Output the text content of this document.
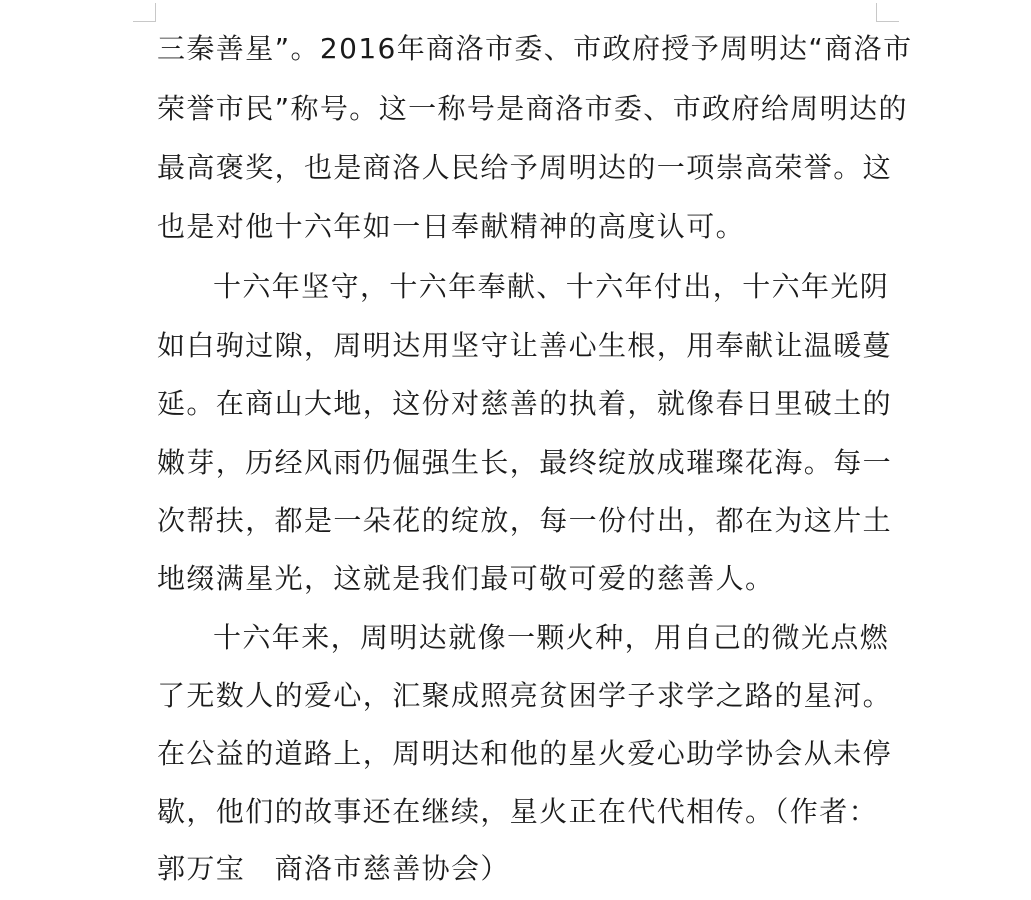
三秦善星”。2016年商洛市委、市政府授予周明达“商洛市
荣誉市民”称号。这一称号是商洛市委、市政府给周明达的
最高褒奖，也是商洛人民给予周明达的一项崇高荣誉。这
也是对他十六年如一日奉献精神的高度认可。
十六年坚守，十六年奉献、十六年付出，十六年光阴
如白驹过隙，周明达用坚守让善心生根，用奉献让温暖蔓
延。在商山大地，这份对慈善的执着，就像春日里破土的
嫩芽，历经风雨仍倔强生长，最终绽放成璀璨花海。每一
次帮扶，都是一朵花的绽放，每一份付出，都在为这片土
地缀满星光，这就是我们最可敬可爱的慈善人。
十六年来，周明达就像一颗火种，用自己的微光点燃
了无数人的爱心，汇聚成照亮贫困学子求学之路的星河。
在公益的道路上，周明达和他的星火爱心助学协会从未停
歇，他们的故事还在继续，星火正在代代相传。（作者：
郭万宝　商洛市慈善协会）
